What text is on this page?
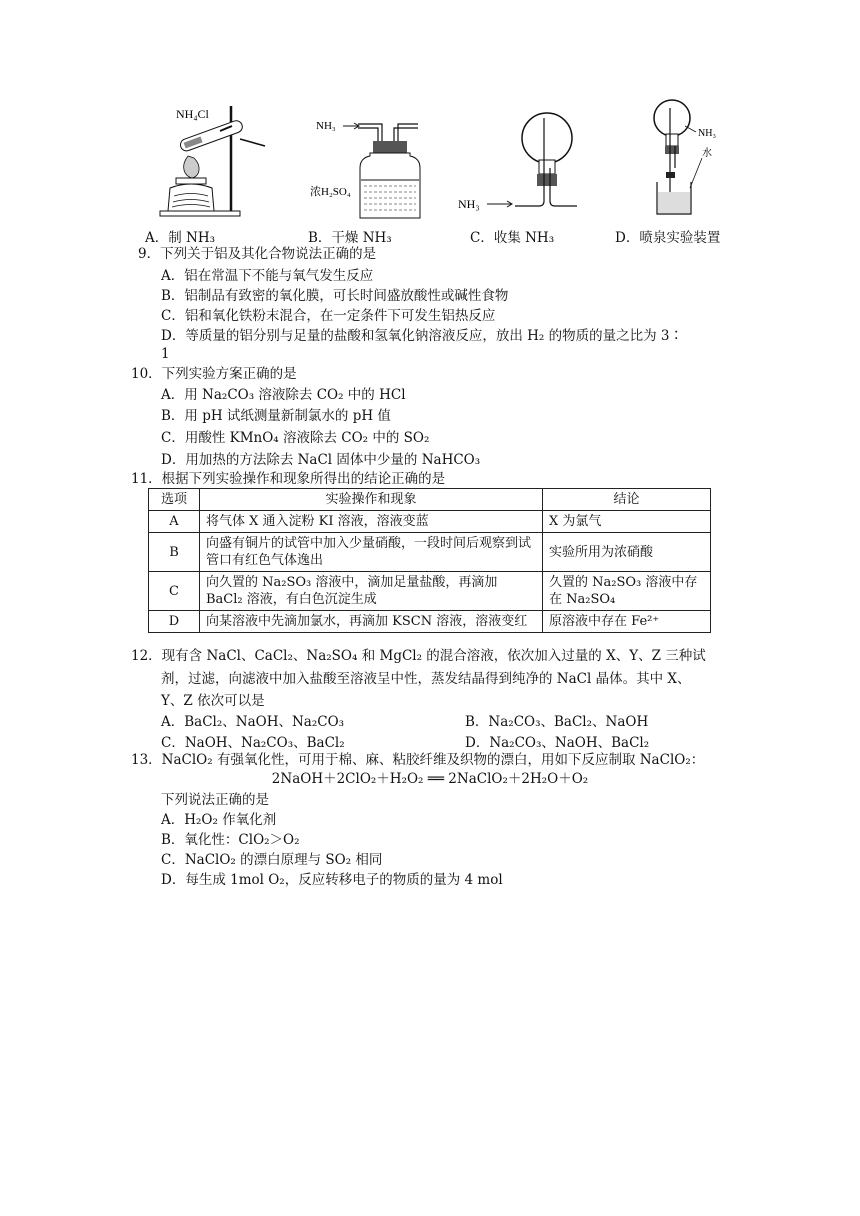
NH₄Cl
A．制 NH₃
NH₃
浓H₂SO₄
B．干燥 NH₃
NH₃
C．收集 NH₃
NH₃
水
D．喷泉实验装置
9．下列关于铝及其化合物说法正确的是
A．铝在常温下不能与氧气发生反应
B．铝制品有致密的氧化膜，可长时间盛放酸性或碱性食物
C．铝和氧化铁粉末混合，在一定条件下可发生铝热反应
D．等质量的铝分别与足量的盐酸和氢氧化钠溶液反应，放出 H₂ 的物质的量之比为 3∶
1
10．下列实验方案正确的是
A．用 Na₂CO₃ 溶液除去 CO₂ 中的 HCl
B．用 pH 试纸测量新制氯水的 pH 值
C．用酸性 KMnO₄ 溶液除去 CO₂ 中的 SO₂
D．用加热的方法除去 NaCl 固体中少量的 NaHCO₃
11．根据下列实验操作和现象所得出的结论正确的是
选项	实验操作和现象	结论
A	将气体 X 通入淀粉 KI 溶液，溶液变蓝	X 为氯气
B	向盛有铜片的试管中加入少量硝酸，一段时间后观察到试管口有红色气体逸出	实验所用为浓硝酸
C	向久置的 Na₂SO₃ 溶液中，滴加足量盐酸，再滴加 BaCl₂ 溶液，有白色沉淀生成	久置的 Na₂SO₃ 溶液中存在 Na₂SO₄
D	向某溶液中先滴加氯水，再滴加 KSCN 溶液，溶液变红	原溶液中存在 Fe²⁺
12．现有含 NaCl、CaCl₂、Na₂SO₄ 和 MgCl₂ 的混合溶液，依次加入过量的 X、Y、Z 三种试
剂，过滤，向滤液中加入盐酸至溶液呈中性，蒸发结晶得到纯净的 NaCl 晶体。其中 X、
Y、Z 依次可以是
A．BaCl₂、NaOH、Na₂CO₃	B．Na₂CO₃、BaCl₂、NaOH
C．NaOH、Na₂CO₃、BaCl₂	D．Na₂CO₃、NaOH、BaCl₂
13．NaClO₂ 有强氧化性，可用于棉、麻、粘胶纤维及织物的漂白，用如下反应制取 NaClO₂：
2NaOH＋2ClO₂＋H₂O₂ ══ 2NaClO₂＋2H₂O＋O₂
下列说法正确的是
A．H₂O₂ 作氧化剂
B．氧化性：ClO₂＞O₂
C．NaClO₂ 的漂白原理与 SO₂ 相同
D．每生成 1mol O₂，反应转移电子的物质的量为 4 mol
